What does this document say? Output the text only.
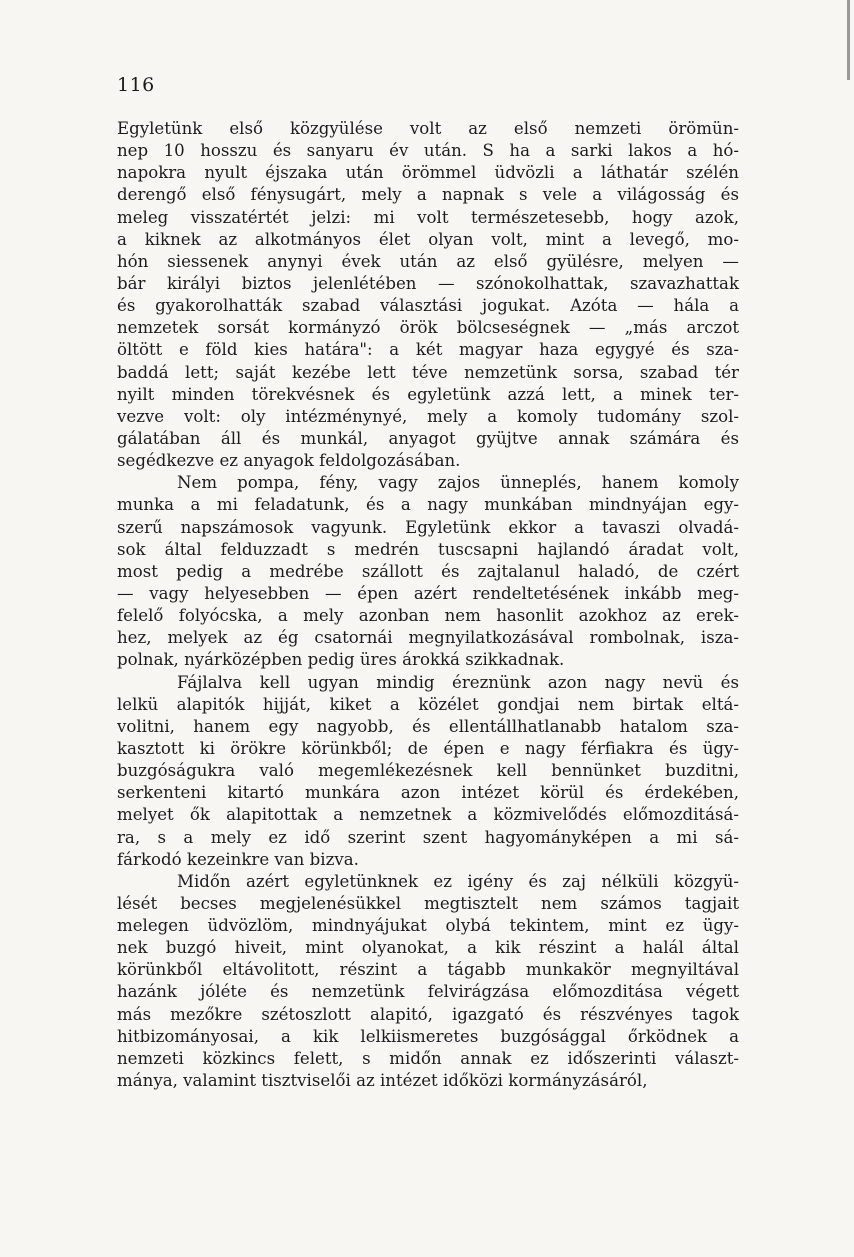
116
Egyletünk első közgyülése volt az első nemzeti örömün-
nep 10 hosszu és sanyaru év után. S ha a sarki lakos a hó-
napokra nyult éjszaka után örömmel üdvözli a láthatár szélén
derengő első fénysugárt, mely a napnak s vele a világosság és
meleg visszatértét jelzi: mi volt természetesebb, hogy azok,
a kiknek az alkotmányos élet olyan volt, mint a levegő, mo-
hón siessenek anynyi évek után az első gyülésre, melyen —
bár királyi biztos jelenlétében — szónokolhattak, szavazhattak
és gyakorolhatták szabad választási jogukat. Azóta — hála a
nemzetek sorsát kormányzó örök bölcseségnek — „más arczot
öltött e föld kies határa": a két magyar haza egygyé és sza-
baddá lett; saját kezébe lett téve nemzetünk sorsa, szabad tér
nyilt minden törekvésnek és egyletünk azzá lett, a minek ter-
vezve volt: oly intézménynyé, mely a komoly tudomány szol-
gálatában áll és munkál, anyagot gyüjtve annak számára és
segédkezve ez anyagok feldolgozásában.
Nem pompa, fény, vagy zajos ünneplés, hanem komoly
munka a mi feladatunk, és a nagy munkában mindnyájan egy-
szerű napszámosok vagyunk. Egyletünk ekkor a tavaszi olvadá-
sok által felduzzadt s medrén tuscsapni hajlandó áradat volt,
most pedig a medrébe szállott és zajtalanul haladó, de czért
— vagy helyesebben — épen azért rendeltetésének inkább meg-
felelő folyócska, a mely azonban nem hasonlit azokhoz az erek-
hez, melyek az ég csatornái megnyilatkozásával rombolnak, isza-
polnak, nyárközépben pedig üres árokká szikkadnak.
Fájlalva kell ugyan mindig éreznünk azon nagy nevü és
lelkü alapitók hijját, kiket a közélet gondjai nem birtak eltá-
volitni, hanem egy nagyobb, és ellentállhatlanabb hatalom sza-
kasztott ki örökre körünkből; de épen e nagy férfiakra és ügy-
buzgóságukra való megemlékezésnek kell bennünket buzditni,
serkenteni kitartó munkára azon intézet körül és érdekében,
melyet ők alapitottak a nemzetnek a közmivelődés előmozditásá-
ra, s a mely ez idő szerint szent hagyományképen a mi sá-
fárkodó kezeinkre van bizva.
Midőn azért egyletünknek ez igény és zaj nélküli közgyü-
lését becses megjelenésükkel megtisztelt nem számos tagjait
melegen üdvözlöm, mindnyájukat olybá tekintem, mint ez ügy-
nek buzgó hiveit, mint olyanokat, a kik részint a halál által
körünkből eltávolitott, részint a tágabb munkakör megnyiltával
hazánk jóléte és nemzetünk felvirágzása előmozditása végett
más mezőkre szétoszlott alapitó, igazgató és részvényes tagok
hitbizományosai, a kik lelkiismeretes buzgósággal őrködnek a
nemzeti közkincs felett, s midőn annak ez időszerinti választ-
mánya, valamint tisztviselői az intézet időközi kormányzásáról,
